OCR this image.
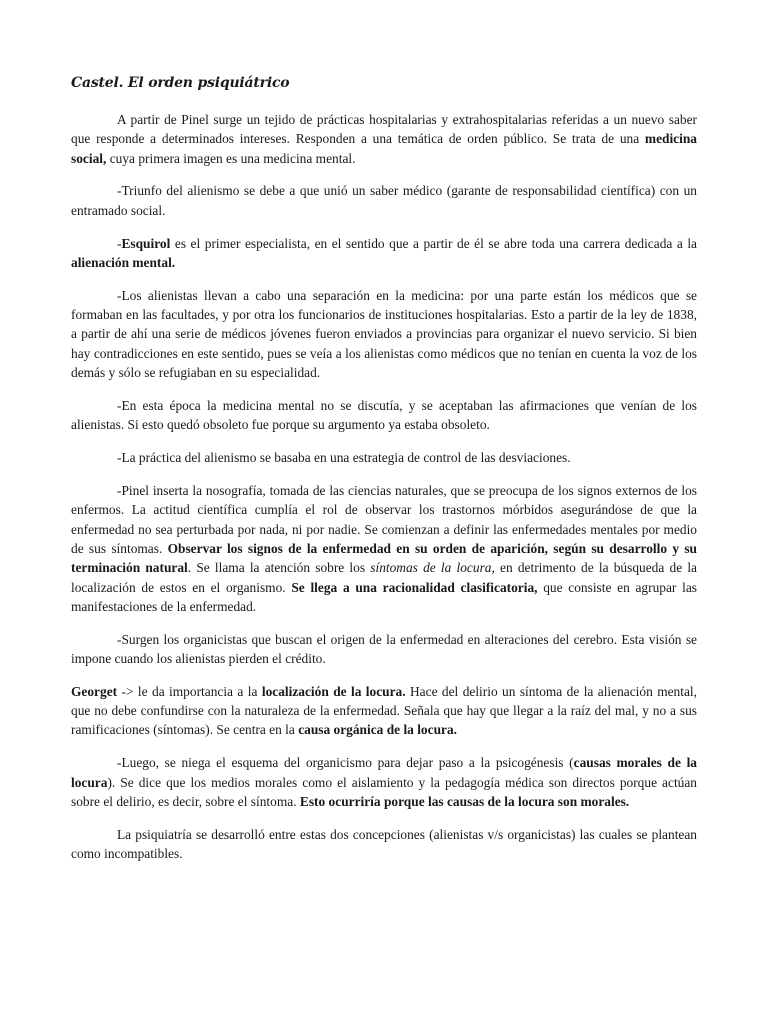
Castel. El orden psiquiátrico

A partir de Pinel surge un tejido de prácticas hospitalarias y extrahospitalarias referidas a un nuevo saber que responde a determinados intereses. Responden a una temática de orden público. Se trata de una medicina social, cuya primera imagen es una medicina mental.

-Triunfo del alienismo se debe a que unió un saber médico (garante de responsabilidad científica) con un entramado social.

-Esquirol es el primer especialista, en el sentido que a partir de él se abre toda una carrera dedicada a la alienación mental.

-Los alienistas llevan a cabo una separación en la medicina: por una parte están los médicos que se formaban en las facultades, y por otra los funcionarios de instituciones hospitalarias. Esto a partir de la ley de 1838, a partir de ahí una serie de médicos jóvenes fueron enviados a provincias para organizar el nuevo servicio. Si bien hay contradicciones en este sentido, pues se veía a los alienistas como médicos que no tenían en cuenta la voz de los demás y sólo se refugiaban en su especialidad.

-En esta época la medicina mental no se discutía, y se aceptaban las afirmaciones que venían de los alienistas. Si esto quedó obsoleto fue porque su argumento ya estaba obsoleto.

-La práctica del alienismo se basaba en una estrategia de control de las desviaciones.

-Pinel inserta la nosografía, tomada de las ciencias naturales, que se preocupa de los signos externos de los enfermos. La actitud científica cumplía el rol de observar los trastornos mórbidos asegurándose de que la enfermedad no sea perturbada por nada, ni por nadie. Se comienzan a definir las enfermedades mentales por medio de sus síntomas. Observar los signos de la enfermedad en su orden de aparición, según su desarrollo y su terminación natural. Se llama la atención sobre los síntomas de la locura, en detrimento de la búsqueda de la localización de estos en el organismo. Se llega a una racionalidad clasificatoria, que consiste en agrupar las manifestaciones de la enfermedad.

-Surgen los organicistas que buscan el origen de la enfermedad en alteraciones del cerebro. Esta visión se impone cuando los alienistas pierden el crédito.

Georget -> le da importancia a la localización de la locura. Hace del delirio un síntoma de la alienación mental, que no debe confundirse con la naturaleza de la enfermedad. Señala que hay que llegar a la raíz del mal, y no a sus ramificaciones (síntomas). Se centra en la causa orgánica de la locura.

-Luego, se niega el esquema del organicismo para dejar paso a la psicogénesis (causas morales de la locura). Se dice que los medios morales como el aislamiento y la pedagogía médica son directos porque actúan sobre el delirio, es decir, sobre el síntoma. Esto ocurriría porque las causas de la locura son morales.

La psiquiatría se desarrolló entre estas dos concepciones (alienistas v/s organicistas) las cuales se plantean como incompatibles.
